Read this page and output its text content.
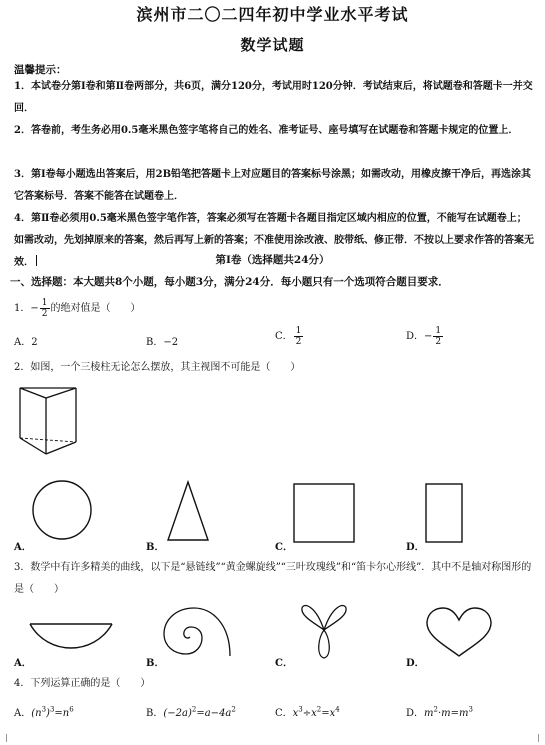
滨州市二〇二四年初中学业水平考试
数学试题
温馨提示：
1．本试卷分第Ⅰ卷和第Ⅱ卷两部分，共6页，满分120分，考试用时120分钟．考试结束后，将试题卷和答题卡一并交回．
2．答卷前，考生务必用0.5毫米黑色签字笔将自己的姓名、准考证号、座号填写在试题卷和答题卡规定的位置上．
3．第Ⅰ卷每小题选出答案后，用2B铅笔把答题卡上对应题目的答案标号涂黑；如需改动，用橡皮擦干净后，再选涂其它答案标号．答案不能答在试题卷上．
4．第Ⅱ卷必须用0.5毫米黑色签字笔作答，答案必须写在答题卡各题目指定区域内相应的位置，不能写在试题卷上；如需改动，先划掉原来的答案，然后再写上新的答案；不准使用涂改液、胶带纸、修正带．不按以上要求作答的答案无效．	第Ⅰ卷（选择题共24分）
一、选择题：本大题共8个小题，每小题3分，满分24分．每小题只有一个选项符合题目要求．
1．− $\frac{1}{2}$ 的绝对值是（　　）
A．2	B．−2
C． $\frac{1}{2}$	D．− $\frac{1}{2}$
2．如图，一个三棱柱无论怎么摆放，其主视图不可能是（　　）
A．	B．	C．	D．
3．数学中有许多精美的曲线，以下是“悬链线”“黄金螺旋线”“三叶玫瑰线”和“笛卡尔心形线”．其中不是轴对称图形的是（　　）
A．	B．	C．	D．
4．下列运算正确的是（　　）
A．$(n^3)^3=n^6$	B．$(-2a)^2=a-4a^2$	C．$x^3\div x^2=x^4$	D．$m^2\cdot m=m^3$
